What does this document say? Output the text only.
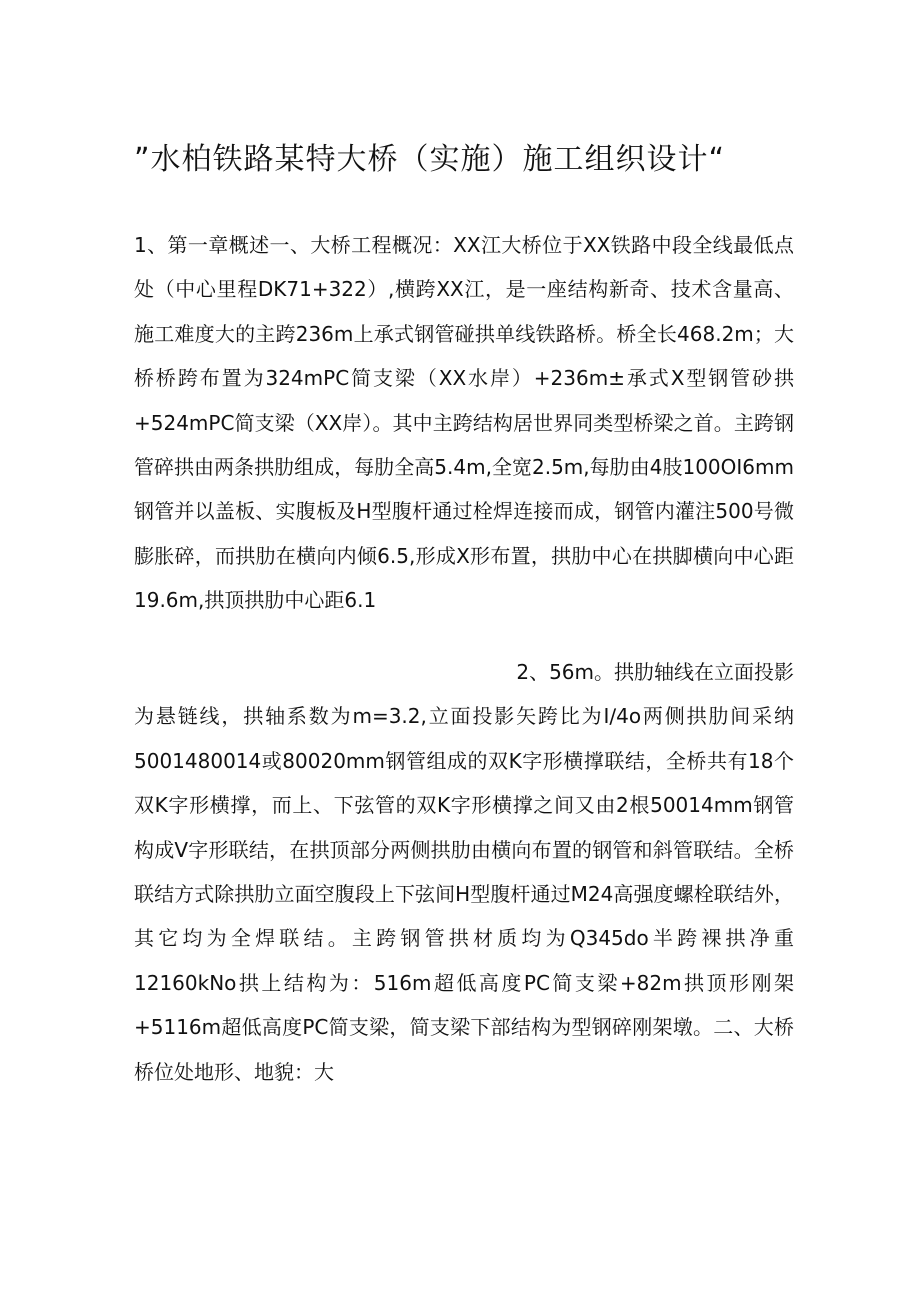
”水柏铁路某特大桥（实施）施工组织设计“

1、第一章概述一、大桥工程概况：XX江大桥位于XX铁路中段全线最低点处（中心里程DK71+322）,横跨XX江，是一座结构新奇、技术含量高、施工难度大的主跨236m上承式钢管碰拱单线铁路桥。桥全长468.2m；大桥桥跨布置为324mPC简支梁（XX水岸）+236m±承式X型钢管砂拱+524mPC简支梁（XX岸）。其中主跨结构居世界同类型桥梁之首。主跨钢管碎拱由两条拱肋组成，每肋全高5.4m,全宽2.5m,每肋由4肢100OI6mm钢管并以盖板、实腹板及H型腹杆通过栓焊连接而成，钢管内灌注500号微膨胀碎，而拱肋在横向内倾6.5,形成X形布置，拱肋中心在拱脚横向中心距19.6m,拱顶拱肋中心距6.1

2、56m。拱肋轴线在立面投影
为悬链线，拱轴系数为m=3.2,立面投影矢跨比为I∕4o两侧拱肋间采纳5001480014或80020mm钢管组成的双K字形横撑联结，全桥共有18个双K字形横撑，而上、下弦管的双K字形横撑之间又由2根50014mm钢管构成V字形联结，在拱顶部分两侧拱肋由横向布置的钢管和斜管联结。全桥联结方式除拱肋立面空腹段上下弦间H型腹杆通过M24高强度螺栓联结外，其它均为全焊联结。主跨钢管拱材质均为Q345do半跨裸拱净重12160kNo拱上结构为：516m超低高度PC简支梁+82m拱顶形刚架+5116m超低高度PC简支梁，简支梁下部结构为型钢碎刚架墩。二、大桥桥位处地形、地貌：大
